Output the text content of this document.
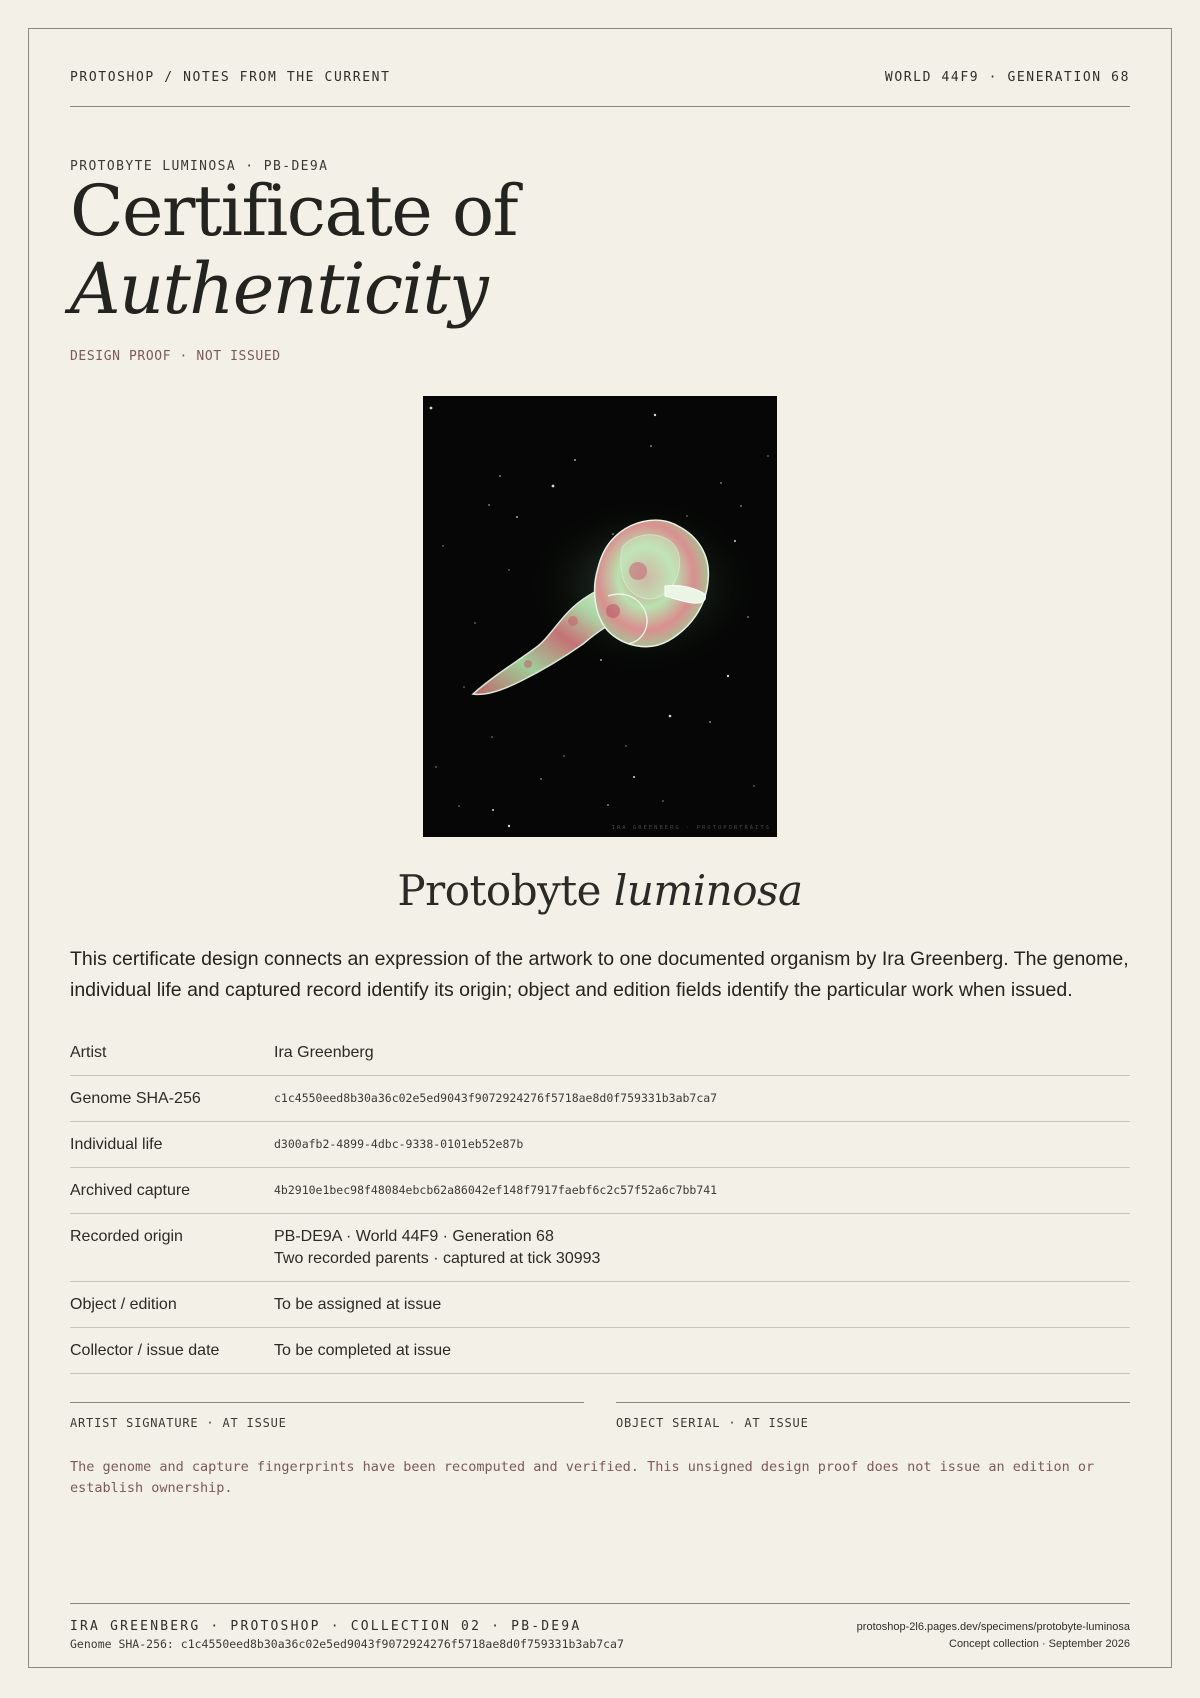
PROTOSHOP / NOTES FROM THE CURRENT	WORLD 44F9 · GENERATION 68
PROTOBYTE LUMINOSA · PB-DE9A
Certificate of
Authenticity
DESIGN PROOF · NOT ISSUED
IRA GREENBERG · PROTOPORTRAITS
Protobyte luminosa

This certificate design connects an expression of the artwork to one documented organism by Ira Greenberg. The genome, individual life and captured record identify its origin; object and edition fields identify the particular work when issued.

Artist	Ira Greenberg
Genome SHA-256	c1c4550eed8b30a36c02e5ed9043f9072924276f5718ae8d0f759331b3ab7ca7
Individual life	d300afb2-4899-4dbc-9338-0101eb52e87b
Archived capture	4b2910e1bec98f48084ebcb62a86042ef148f7917faebf6c2c57f52a6c7bb741
Recorded origin	PB-DE9A · World 44F9 · Generation 68
Two recorded parents · captured at tick 30993
Object / edition	To be assigned at issue
Collector / issue date	To be completed at issue
ARTIST SIGNATURE · AT ISSUE	OBJECT SERIAL · AT ISSUE

The genome and capture fingerprints have been recomputed and verified. This unsigned design proof does not issue an edition or establish ownership.

IRA GREENBERG · PROTOSHOP · COLLECTION 02 · PB-DE9A
Genome SHA-256: c1c4550eed8b30a36c02e5ed9043f9072924276f5718ae8d0f759331b3ab7ca7
protoshop-2l6.pages.dev/specimens/protobyte-luminosa
Concept collection · September 2026
